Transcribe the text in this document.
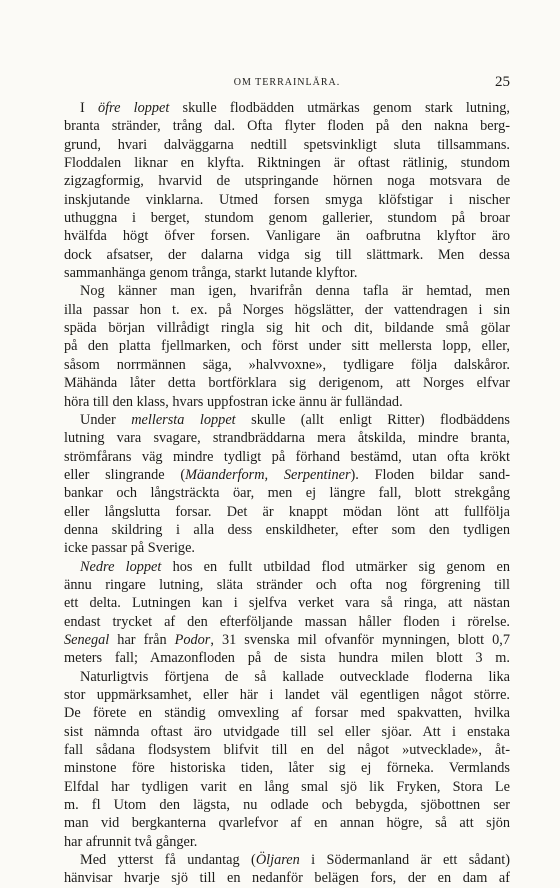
OM TERRAINLÄRA.	25
I öfre loppet skulle flodbädden utmärkas genom stark lutning,
branta stränder, trång dal. Ofta flyter floden på den nakna berg-
grund, hvari dalväggarna nedtill spetsvinkligt sluta tillsammans.
Floddalen liknar en klyfta. Riktningen är oftast rätlinig, stundom
zigzagformig, hvarvid de utspringande hörnen noga motsvara de
inskjutande vinklarna. Utmed forsen smyga klöfstigar i nischer
uthuggna i berget, stundom genom gallerier, stundom på broar
hvälfda högt öfver forsen. Vanligare än oafbrutna klyftor äro
dock afsatser, der dalarna vidga sig till slättmark. Men dessa
sammanhänga genom trånga, starkt lutande klyftor.
Nog känner man igen, hvarifrån denna tafla är hemtad, men
illa passar hon t. ex. på Norges högslätter, der vattendragen i sin
späda början villrådigt ringla sig hit och dit, bildande små gölar
på den platta fjellmarken, och först under sitt mellersta lopp, eller,
såsom norrmännen säga, »halvvoxne», tydligare följa dalskåror.
Mähända låter detta bortförklara sig derigenom, att Norges elfvar
höra till den klass, hvars uppfostran icke ännu är fulländad.
Under mellersta loppet skulle (allt enligt Ritter) flodbäddens
lutning vara svagare, strandbräddarna mera åtskilda, mindre branta,
strömfårans väg mindre tydligt på förhand bestämd, utan ofta krökt
eller slingrande (Mäanderform, Serpentiner). Floden bildar sand-
bankar och långsträckta öar, men ej längre fall, blott strekgång
eller långslutta forsar. Det är knappt mödan lönt att fullfölja
denna skildring i alla dess enskildheter, efter som den tydligen
icke passar på Sverige.
Nedre loppet hos en fullt utbildad flod utmärker sig genom en
ännu ringare lutning, släta stränder och ofta nog förgrening till
ett delta. Lutningen kan i sjelfva verket vara så ringa, att nästan
endast trycket af den efterföljande massan håller floden i rörelse.
Senegal har från Podor, 31 svenska mil ofvanför mynningen, blott 0,7
meters fall; Amazonfloden på de sista hundra milen blott 3 m.
Naturligtvis förtjena de så kallade outvecklade floderna lika
stor uppmärksamhet, eller här i landet väl egentligen något större.
De förete en ständig omvexling af forsar med spakvatten, hvilka
sist nämnda oftast äro utvidgade till sel eller sjöar. Att i enstaka
fall sådana flodsystem blifvit till en del något »utvecklade», åt-
minstone före historiska tiden, låter sig ej förneka. Vermlands
Elfdal har tydligen varit en lång smal sjö lik Fryken, Stora Le
m. fl Utom den lägsta, nu odlade och bebygda, sjöbottnen ser
man vid bergkanterna qvarlefvor af en annan högre, så att sjön
har afrunnit två gånger.
Med ytterst få undantag (Öljaren i Södermanland är ett sådant)
hänvisar hvarje sjö till en nedanför belägen fors, der en dam af
